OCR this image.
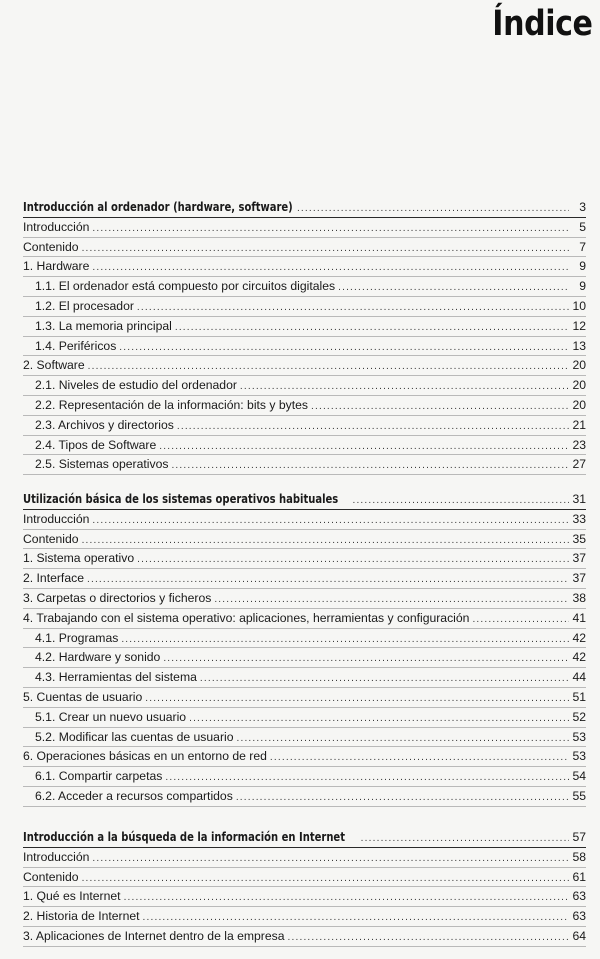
Índice
Introducción al ordenador (hardware, software) .....	3
Introducción .....	5
Contenido .....	7
1. Hardware .....	9
1.1. El ordenador está compuesto por circuitos digitales .....	9
1.2. El procesador .....	10
1.3. La memoria principal .....	12
1.4. Periféricos .....	13
2. Software .....	20
2.1. Niveles de estudio del ordenador .....	20
2.2. Representación de la información: bits y bytes .....	20
2.3. Archivos y directorios .....	21
2.4. Tipos de Software .....	23
2.5. Sistemas operativos .....	27
Utilización básica de los sistemas operativos habituales .....	31
Introducción .....	33
Contenido .....	35
1. Sistema operativo .....	37
2. Interface .....	37
3. Carpetas o directorios y ficheros .....	38
4. Trabajando con el sistema operativo: aplicaciones, herramientas y configuración .....	41
4.1. Programas .....	42
4.2. Hardware y sonido .....	42
4.3. Herramientas del sistema .....	44
5. Cuentas de usuario .....	51
5.1. Crear un nuevo usuario .....	52
5.2. Modificar las cuentas de usuario .....	53
6. Operaciones básicas en un entorno de red .....	53
6.1. Compartir carpetas .....	54
6.2. Acceder a recursos compartidos .....	55
Introducción a la búsqueda de la información en Internet .....	57
Introducción .....	58
Contenido .....	61
1. Qué es Internet .....	63
2. Historia de Internet .....	63
3. Aplicaciones de Internet dentro de la empresa .....	64
